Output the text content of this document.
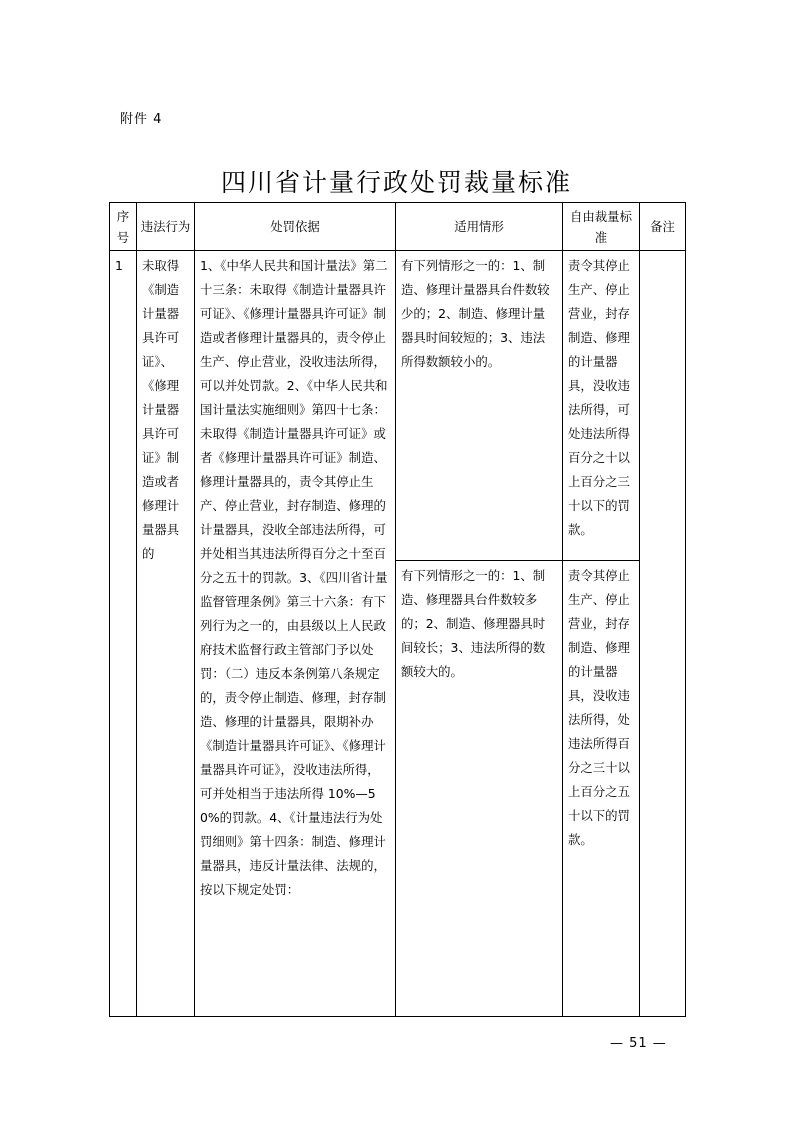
附件 4
四川省计量行政处罚裁量标准
序号	违法行为	处罚依据	适用情形	自由裁量标准	备注
1	未取得《制造计量器具许可证》、《修理计量器具许可证》制造或者修理计量器具的	1、《中华人民共和国计量法》第二十三条：未取得《制造计量器具许可证》、《修理计量器具许可证》制造或者修理计量器具的，责令停止生产、停止营业，没收违法所得，可以并处罚款。2、《中华人民共和国计量法实施细则》第四十七条：未取得《制造计量器具许可证》或者《修理计量器具许可证》制造、修理计量器具的，责令其停止生产、停止营业，封存制造、修理的计量器具，没收全部违法所得，可并处相当其违法所得百分之十至百分之五十的罚款。3、《四川省计量监督管理条例》第三十六条：有下列行为之一的，由县级以上人民政府技术监督行政主管部门予以处罚：（二）违反本条例第八条规定的，责令停止制造、修理，封存制造、修理的计量器具，限期补办《制造计量器具许可证》、《修理计量器具许可证》，没收违法所得，可并处相当于违法所得 10%—50%的罚款。4、《计量违法行为处罚细则》第十四条：制造、修理计量器具，违反计量法律、法规的，按以下规定处罚：	有下列情形之一的：1、制造、修理计量器具台件数较少的；2、制造、修理计量器具时间较短的；3、违法所得数额较小的。	责令其停止生产、停止营业，封存制造、修理的计量器具，没收违法所得，可处违法所得百分之十以上百分之三十以下的罚款。	
			有下列情形之一的：1、制造、修理器具台件数较多的；2、制造、修理器具时间较长；3、违法所得的数额较大的。	责令其停止生产、停止营业，封存制造、修理的计量器具，没收违法所得，处违法所得百分之三十以上百分之五十以下的罚款。	
— 51 —
